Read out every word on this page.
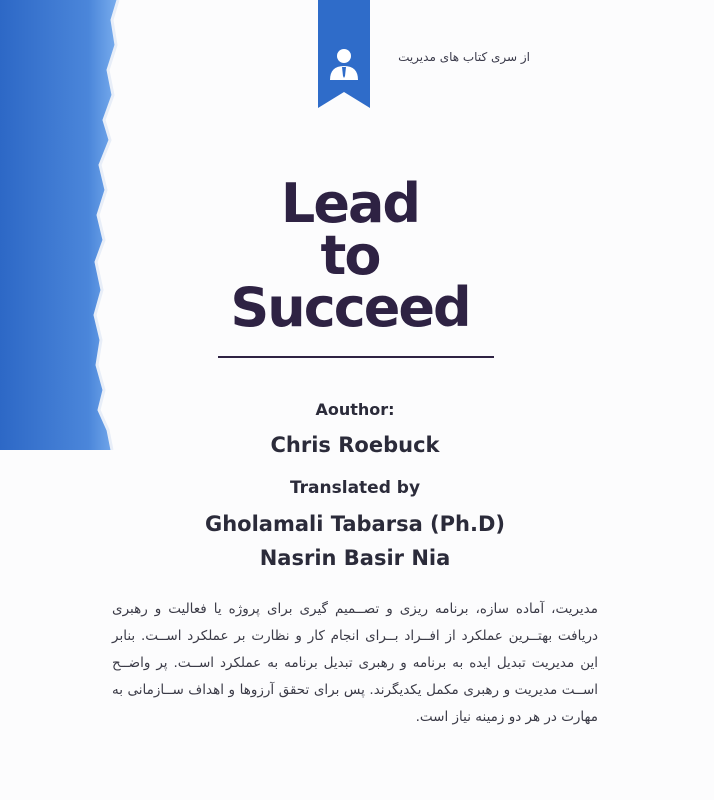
از سری کتاب های مدیریت
Lead
to
Succeed
Aouthor:
Chris Roebuck
Translated by
Gholamali Tabarsa (Ph.D)
Nasrin Basir Nia
مدیریت، آماده سازه، برنامه ریزی و تصــمیم گیری برای پروژه یا فعالیت و رهبری دریافت بهتــرین عملکرد از افــراد بــرای انجام کار و نظارت بر عملکرد اســت. بنابر این مدیریت تبدیل ایده به برنامه و رهبری تبدیل برنامه به عملکرد اســت. پر واضــح اســت مدیریت و رهبری مکمل یکدیگرند. پس برای تحقق آرزوها و اهداف ســازمانی به مهارت در هر دو زمینه نیاز است.
